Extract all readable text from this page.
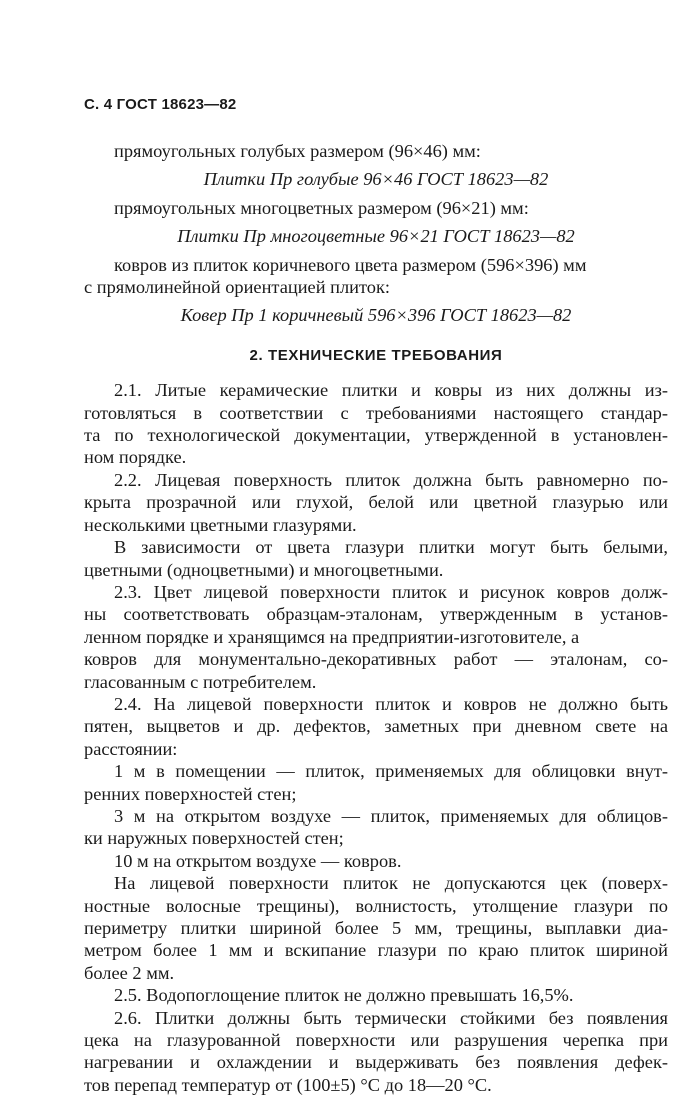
С. 4 ГОСТ 18623—82
прямоугольных голубых размером (96×46) мм:
Плитки Пр голубые 96×46 ГОСТ 18623—82
прямоугольных многоцветных размером (96×21) мм:
Плитки Пр многоцветные 96×21 ГОСТ 18623—82
ковров из плиток коричневого цвета размером (596×396) мм
с прямолинейной ориентацией плиток:
Ковер Пр 1 коричневый 596×396 ГОСТ 18623—82
2. ТЕХНИЧЕСКИЕ ТРЕБОВАНИЯ
2.1. Литые керамические плитки и ковры из них должны из-
готовляться в соответствии с требованиями настоящего стандар-
та по технологической документации, утвержденной в установлен-
ном порядке.
2.2. Лицевая поверхность плиток должна быть равномерно по-
крыта прозрачной или глухой, белой или цветной глазурью или
несколькими цветными глазурями.
В зависимости от цвета глазури плитки могут быть белыми,
цветными (одноцветными) и многоцветными.
2.3. Цвет лицевой поверхности плиток и рисунок ковров долж-
ны соответствовать образцам-эталонам, утвержденным в установ-
ленном порядке и хранящимся на предприятии-изготовителе, а
ковров для монументально-декоративных работ — эталонам, со-
гласованным с потребителем.
2.4. На лицевой поверхности плиток и ковров не должно быть
пятен, выцветов и др. дефектов, заметных при дневном свете на
расстоянии:
1 м в помещении — плиток, применяемых для облицовки внут-
ренних поверхностей стен;
3 м на открытом воздухе — плиток, применяемых для облицов-
ки наружных поверхностей стен;
10 м на открытом воздухе — ковров.
На лицевой поверхности плиток не допускаются цек (поверх-
ностные волосные трещины), волнистость, утолщение глазури по
периметру плитки шириной более 5 мм, трещины, выплавки диа-
метром более 1 мм и вскипание глазури по краю плиток шириной
более 2 мм.
2.5. Водопоглощение плиток не должно превышать 16,5%.
2.6. Плитки должны быть термически стойкими без появления
цека на глазурованной поверхности или разрушения черепка при
нагревании и охлаждении и выдерживать без появления дефек-
тов перепад температур от (100±5) °C до 18—20 °C.
